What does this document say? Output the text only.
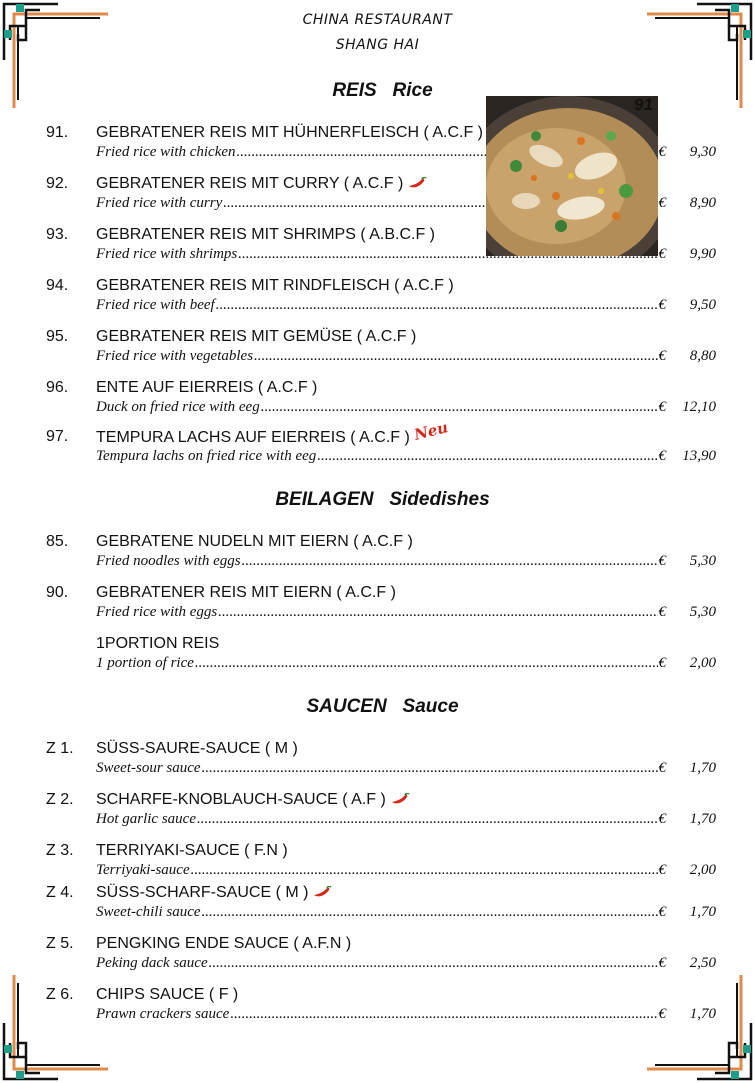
CHINA RESTAURANT
SHANG HAI
REIS   Rice
BEILAGEN   Sidedishes
SAUCEN   Sauce
91. GEBRATENER REIS MIT HÜHNERFLEISCH ( A.C.F )
Fried rice with chicken .....	€	9,30
92. GEBRATENER REIS MIT CURRY ( A.C.F )
Fried rice with curry .....	€	8,90
93. GEBRATENER REIS MIT SHRIMPS ( A.B.C.F )
Fried rice with shrimps .....	€	9,90
94. GEBRATENER REIS MIT RINDFLEISCH ( A.C.F )
Fried rice with beef .....	€	9,50
95. GEBRATENER REIS MIT GEMÜSE ( A.C.F )
Fried rice with vegetables .....	€	8,80
96. ENTE AUF EIERREIS ( A.C.F )
Duck on fried rice with eeg .....	€	12,10
97. TEMPURA LACHS AUF EIERREIS ( A.C.F ) Neu
Tempura lachs on fried rice with eeg .....	€	13,90
85. GEBRATENE NUDELN MIT EIERN ( A.C.F )
Fried noodles with eggs .....	€	5,30
90. GEBRATENER REIS MIT EIERN ( A.C.F )
Fried rice with eggs .....	€	5,30
1PORTION REIS
1 portion of rice .....	€	2,00
Z 1. SÜSS-SAURE-SAUCE ( M )
Sweet-sour sauce .....	€	1,70
Z 2. SCHARFE-KNOBLAUCH-SAUCE ( A.F )
Hot garlic sauce .....	€	1,70
Z 3. TERRIYAKI-SAUCE ( F.N )
Terriyaki-sauce .....	€	2,00
Z 4. SÜSS-SCHARF-SAUCE ( M )
Sweet-chili sauce .....	€	1,70
Z 5. PENGKING ENDE SAUCE ( A.F.N )
Peking dack sauce .....	€	2,50
Z 6. CHIPS SAUCE ( F )
Prawn crackers sauce .....	€	1,70
91
